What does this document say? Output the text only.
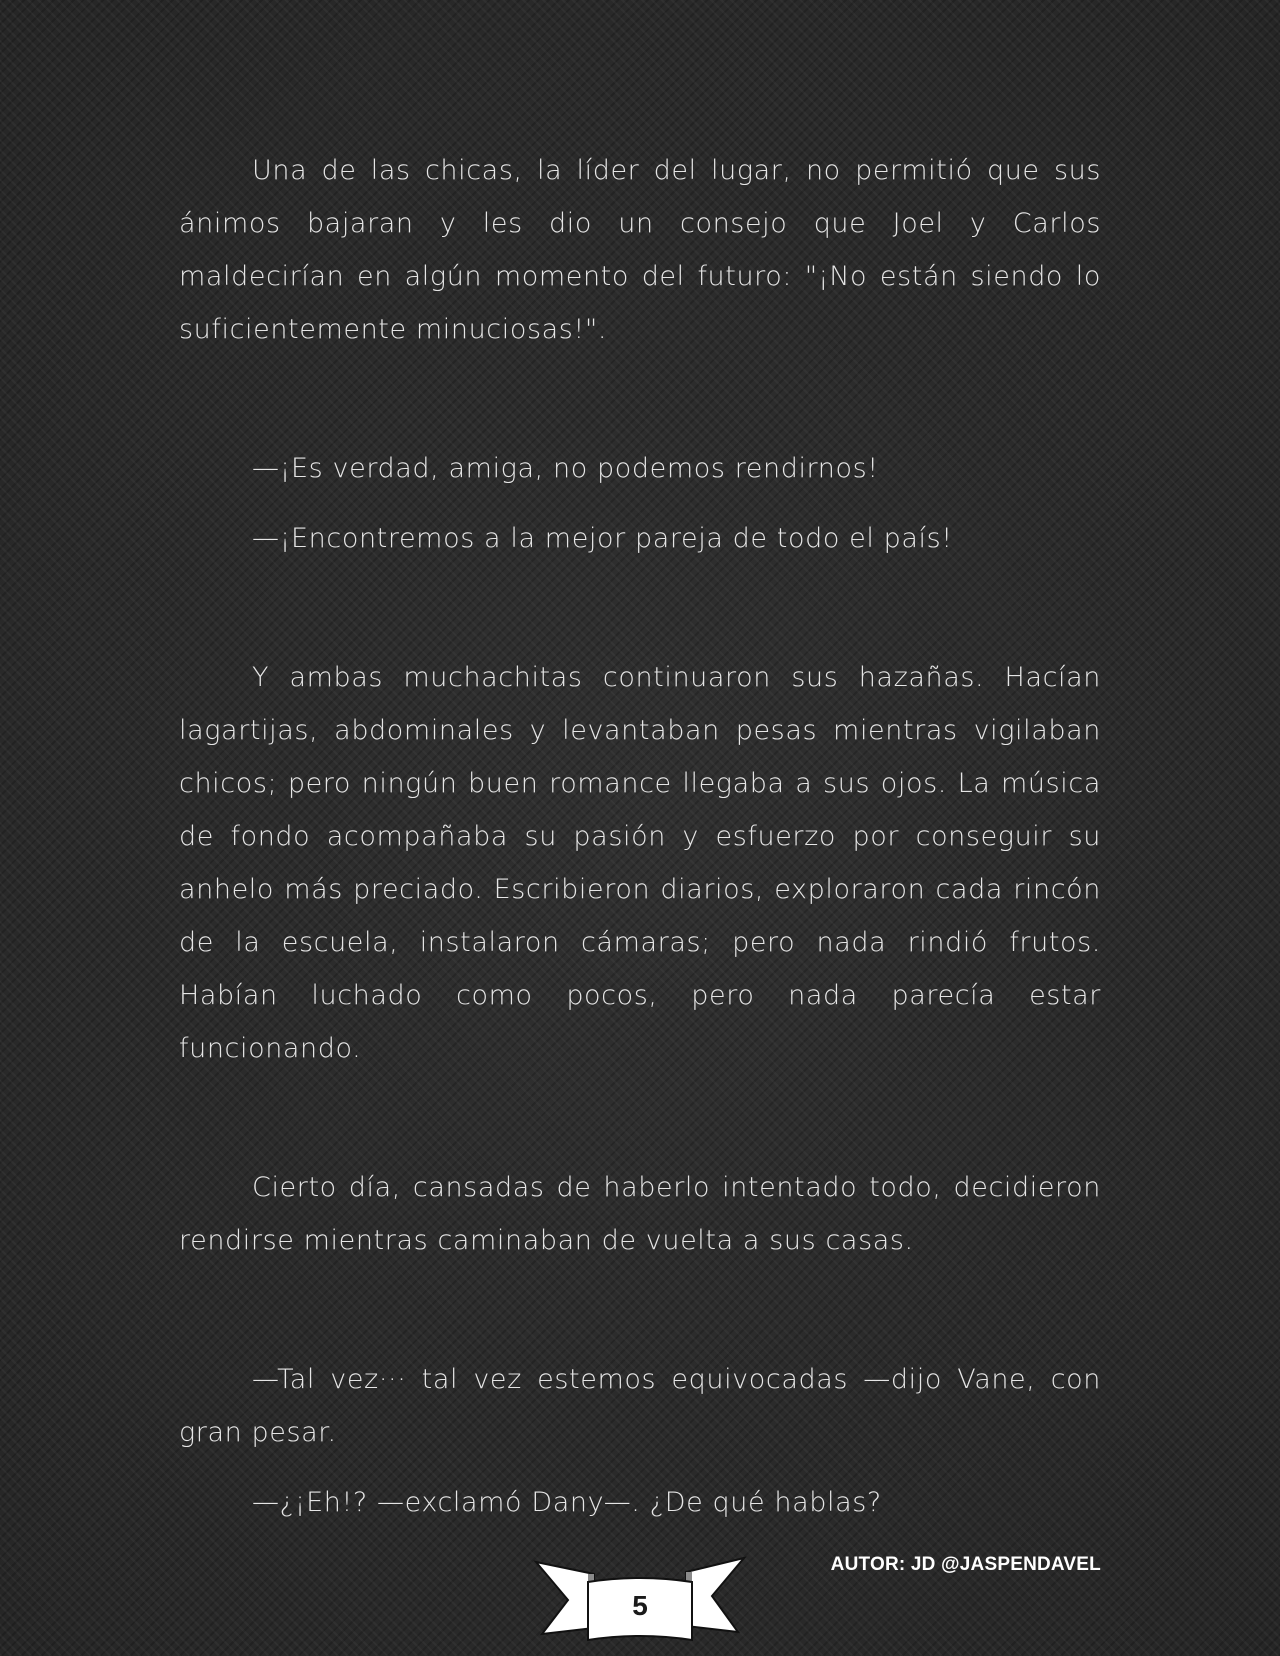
Una de las chicas, la líder del lugar, no permitió que sus ánimos bajaran y les dio un consejo que Joel y Carlos maldecirían en algún momento del futuro: "¡No están siendo lo suficientemente minuciosas!".

—¡Es verdad, amiga, no podemos rendirnos!

—¡Encontremos a la mejor pareja de todo el país!

Y ambas muchachitas continuaron sus hazañas. Hacían lagartijas, abdominales y levantaban pesas mientras vigilaban chicos; pero ningún buen romance llegaba a sus ojos. La música de fondo acompañaba su pasión y esfuerzo por conseguir su anhelo más preciado. Escribieron diarios, exploraron cada rincón de la escuela, instalaron cámaras; pero nada rindió frutos. Habían luchado como pocos, pero nada parecía estar funcionando.

Cierto día, cansadas de haberlo intentado todo, decidieron rendirse mientras caminaban de vuelta a sus casas.

—Tal vez··· tal vez estemos equivocadas —dijo Vane, con gran pesar.

—¿¡Eh!? —exclamó Dany—. ¿De qué hablas?

5
AUTOR: JD @JASPENDAVEL
